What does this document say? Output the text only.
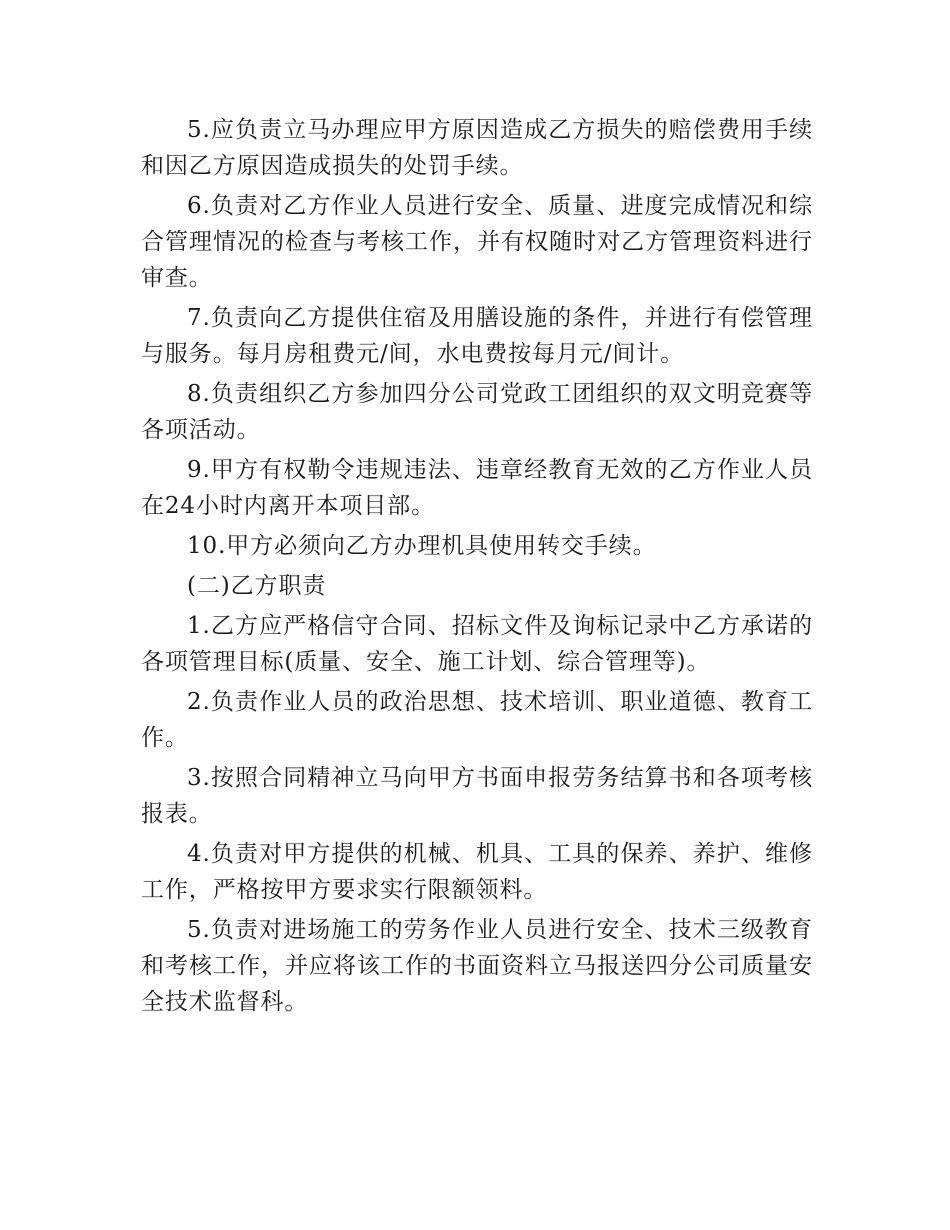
5.应负责立马办理应甲方原因造成乙方损失的赔偿费用手续和因乙方原因造成损失的处罚手续。

6.负责对乙方作业人员进行安全、质量、进度完成情况和综合管理情况的检查与考核工作，并有权随时对乙方管理资料进行审查。

7.负责向乙方提供住宿及用膳设施的条件，并进行有偿管理与服务。每月房租费元/间，水电费按每月元/间计。

8.负责组织乙方参加四分公司党政工团组织的双文明竞赛等各项活动。

9.甲方有权勒令违规违法、违章经教育无效的乙方作业人员在24小时内离开本项目部。

10.甲方必须向乙方办理机具使用转交手续。

(二)乙方职责

1.乙方应严格信守合同、招标文件及询标记录中乙方承诺的各项管理目标(质量、安全、施工计划、综合管理等)。

2.负责作业人员的政治思想、技术培训、职业道德、教育工作。

3.按照合同精神立马向甲方书面申报劳务结算书和各项考核报表。

4.负责对甲方提供的机械、机具、工具的保养、养护、维修工作，严格按甲方要求实行限额领料。

5.负责对进场施工的劳务作业人员进行安全、技术三级教育和考核工作，并应将该工作的书面资料立马报送四分公司质量安全技术监督科。
